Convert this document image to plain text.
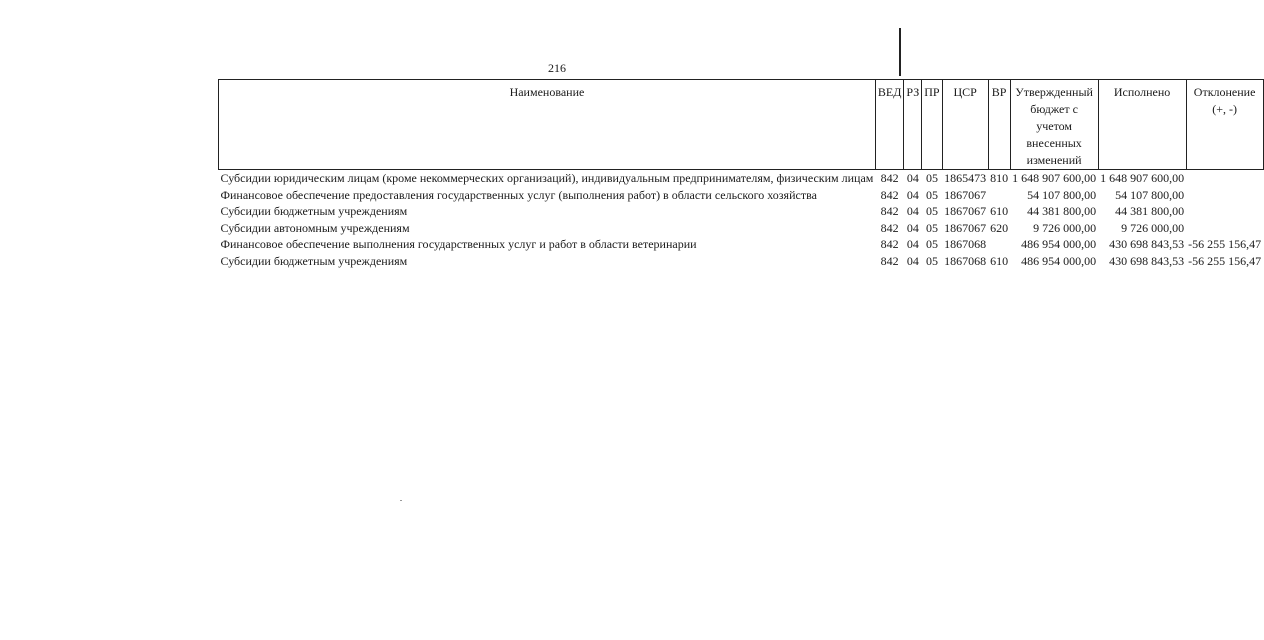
216
Наименование	ВЕД	РЗ	ПР	ЦСР	ВР	Утвержденный бюджет с учетом внесенных изменений	Исполнено	Отклонение (+, -)
Субсидии юридическим лицам (кроме некоммерческих организаций), индивидуальным предпринимателям, физическим лицам	842	04	05	1865473	810	1 648 907 600,00	1 648 907 600,00	
Финансовое обеспечение предоставления государственных услуг (выполнения работ) в области сельского хозяйства	842	04	05	1867067		54 107 800,00	54 107 800,00	
Субсидии бюджетным учреждениям	842	04	05	1867067	610	44 381 800,00	44 381 800,00	
Субсидии автономным учреждениям	842	04	05	1867067	620	9 726 000,00	9 726 000,00	
Финансовое обеспечение выполнения государственных услуг и работ в области ветеринарии	842	04	05	1867068		486 954 000,00	430 698 843,53	-56 255 156,47
Субсидии бюджетным учреждениям	842	04	05	1867068	610	486 954 000,00	430 698 843,53	-56 255 156,47
